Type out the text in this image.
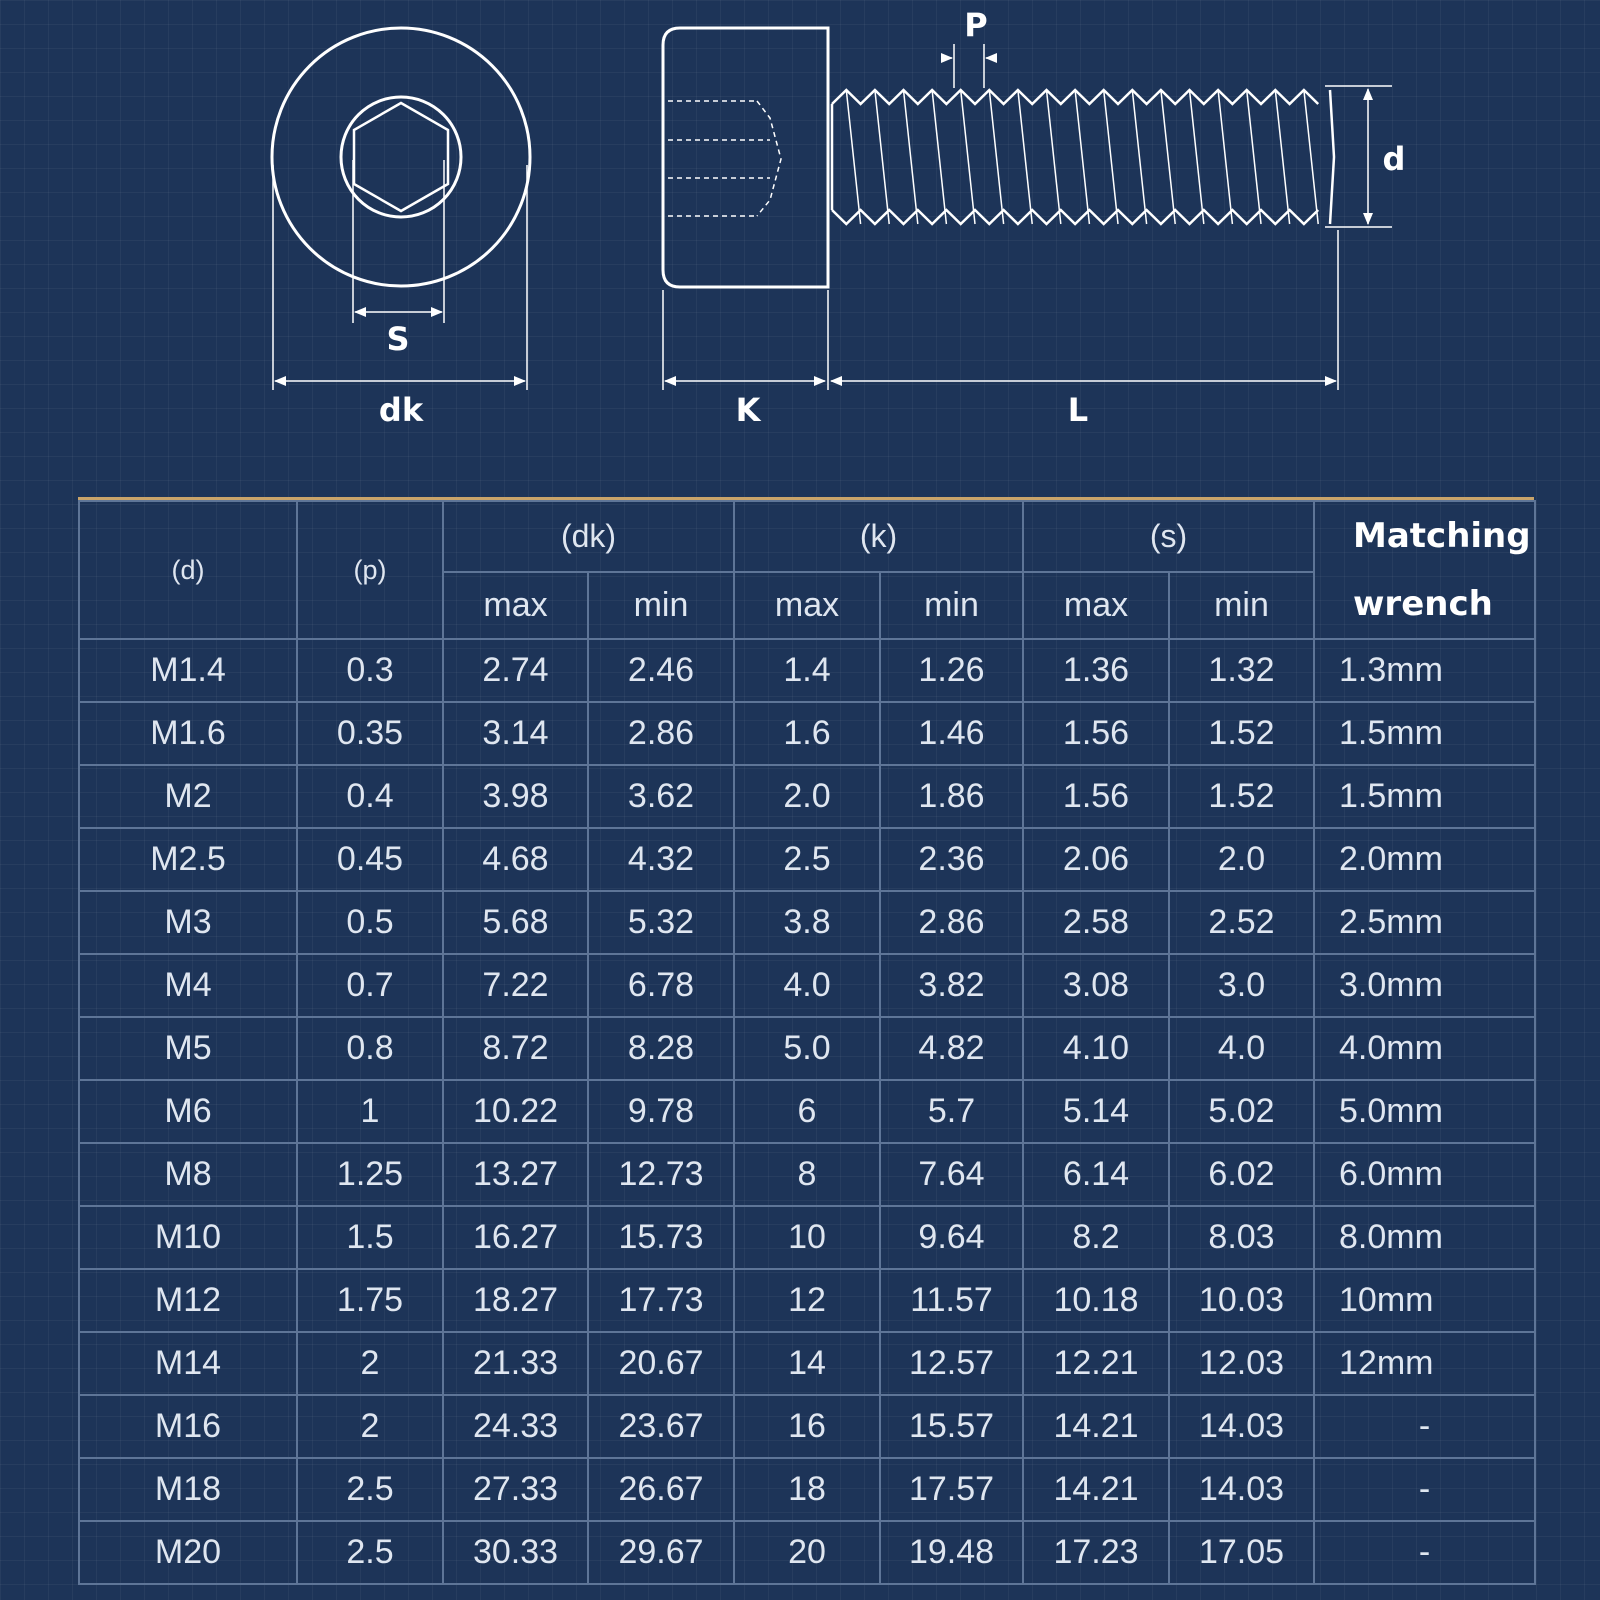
S
dk
P
d
K	L
(d)	(p)	(dk)		(k)		(s)		Matching
wrench

		max	min	max	min	max	min	
M1.4	0.3	2.74	2.46	1.4	1.26	1.36	1.32	1.3mm
M1.6	0.35	3.14	2.86	1.6	1.46	1.56	1.52	1.5mm
M2	0.4	3.98	3.62	2.0	1.86	1.56	1.52	1.5mm
M2.5	0.45	4.68	4.32	2.5	2.36	2.06	2.0	2.0mm
M3	0.5	5.68	5.32	3.8	2.86	2.58	2.52	2.5mm
M4	0.7	7.22	6.78	4.0	3.82	3.08	3.0	3.0mm
M5	0.8	8.72	8.28	5.0	4.82	4.10	4.0	4.0mm
M6	1	10.22	9.78	6	5.7	5.14	5.02	5.0mm
M8	1.25	13.27	12.73	8	7.64	6.14	6.02	6.0mm
M10	1.5	16.27	15.73	10	9.64	8.2	8.03	8.0mm
M12	1.75	18.27	17.73	12	11.57	10.18	10.03	10mm
M14	2	21.33	20.67	14	12.57	12.21	12.03	12mm
M16	2	24.33	23.67	16	15.57	14.21	14.03	-
M18	2.5	27.33	26.67	18	17.57	14.21	14.03	-
M20	2.5	30.33	29.67	20	19.48	17.23	17.05	-
